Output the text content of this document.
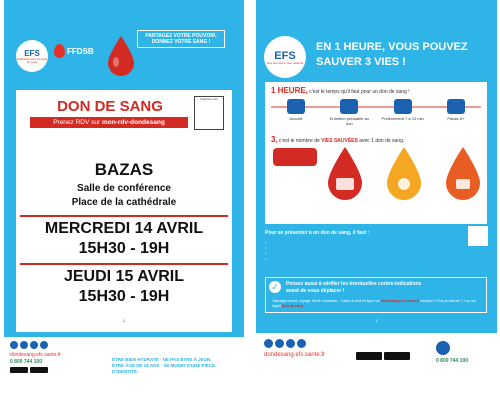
EFS
Établissement français du sang
FFDSB
PARTAGEZ VOTRE POUVOIR,
DONNEZ VOTRE SANG !
DON DE SANG
Prenez RDV sur mon-rdv-dondesang
Scannez-moi
BAZAS
Salle de conférence
Place de la cathédrale
MERCREDI 14 AVRIL
15H30 - 19H
JEUDI 15 AVRIL
15H30 - 19H
1
dondesang.efs.sante.fr
0 800 744 100	ÊTRE BIEN HYDRATÉ · NE PAS ÊTRE À JEUN.
ÊTRE ÂGÉ DE 18 ANS · SE MUNIR D'UNE PIÈCE D'IDENTITÉ.
EFS
Des donneurs, des patients
EN 1 HEURE, VOUS POUVEZ
SAUVER 3 VIES !
1 HEURE, c'est le temps qu'il faut pour un don de sang !
Accueil	Entretien préalable au don
Prélèvement 7 à 10 min	Pause A+
3, c'est le nombre de VIES SAUVÉES avec 1 don de sang.
Pour se présenter à un don de sang, il faut :
•
•
•
•
✓	Pensez aussi à vérifier les éventuelles contre-indications
avant de vous déplacer !
Tatouage récent, voyage, fièvre, bronchite... Faites le test en ligne sur dondesang.efs.sante.fr rubrique « Puis-je donner ? » ou sur l'appli Don de sang
1
dondesang.efs.sante.fr
0 800 744 100
